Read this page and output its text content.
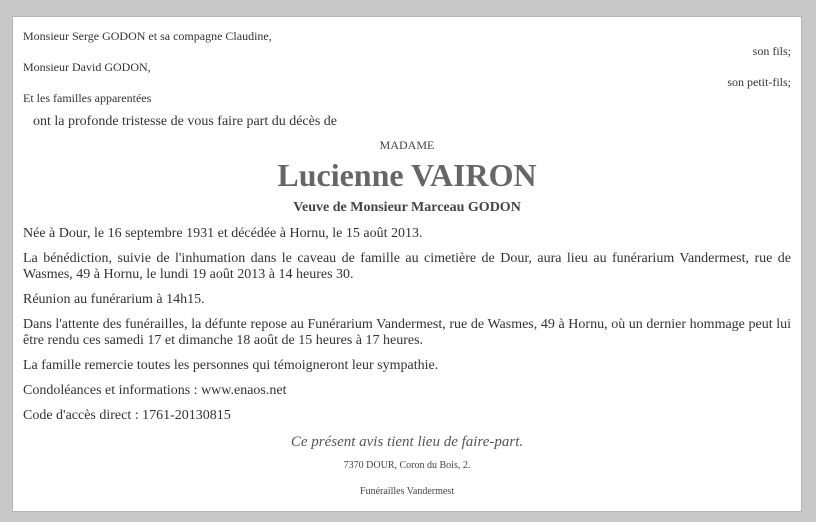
Monsieur Serge GODON et sa compagne Claudine,
son fils;
Monsieur David GODON,
son petit-fils;
Et les familles apparentées
ont la profonde tristesse de vous faire part du décès de
MADAME
Lucienne VAIRON
Veuve de Monsieur Marceau GODON
Née à Dour, le 16 septembre 1931 et décédée à Hornu, le 15 août 2013.
La bénédiction, suivie de l'inhumation dans le caveau de famille au cimetière de Dour, aura lieu au funérarium Vandermest, rue de Wasmes, 49 à Hornu, le lundi 19 août 2013 à 14 heures 30.
Réunion au funérarium à 14h15.
Dans l'attente des funérailles, la défunte repose au Funérarium Vandermest, rue de Wasmes, 49 à Hornu, où un dernier hommage peut lui être rendu ces samedi 17 et dimanche 18 août de 15 heures à 17 heures.
La famille remercie toutes les personnes qui témoigneront leur sympathie.
Condoléances et informations : www.enaos.net
Code d'accès direct : 1761-20130815
Ce présent avis tient lieu de faire-part.
7370 DOUR, Coron du Bois, 2.
Funérailles Vandermest
